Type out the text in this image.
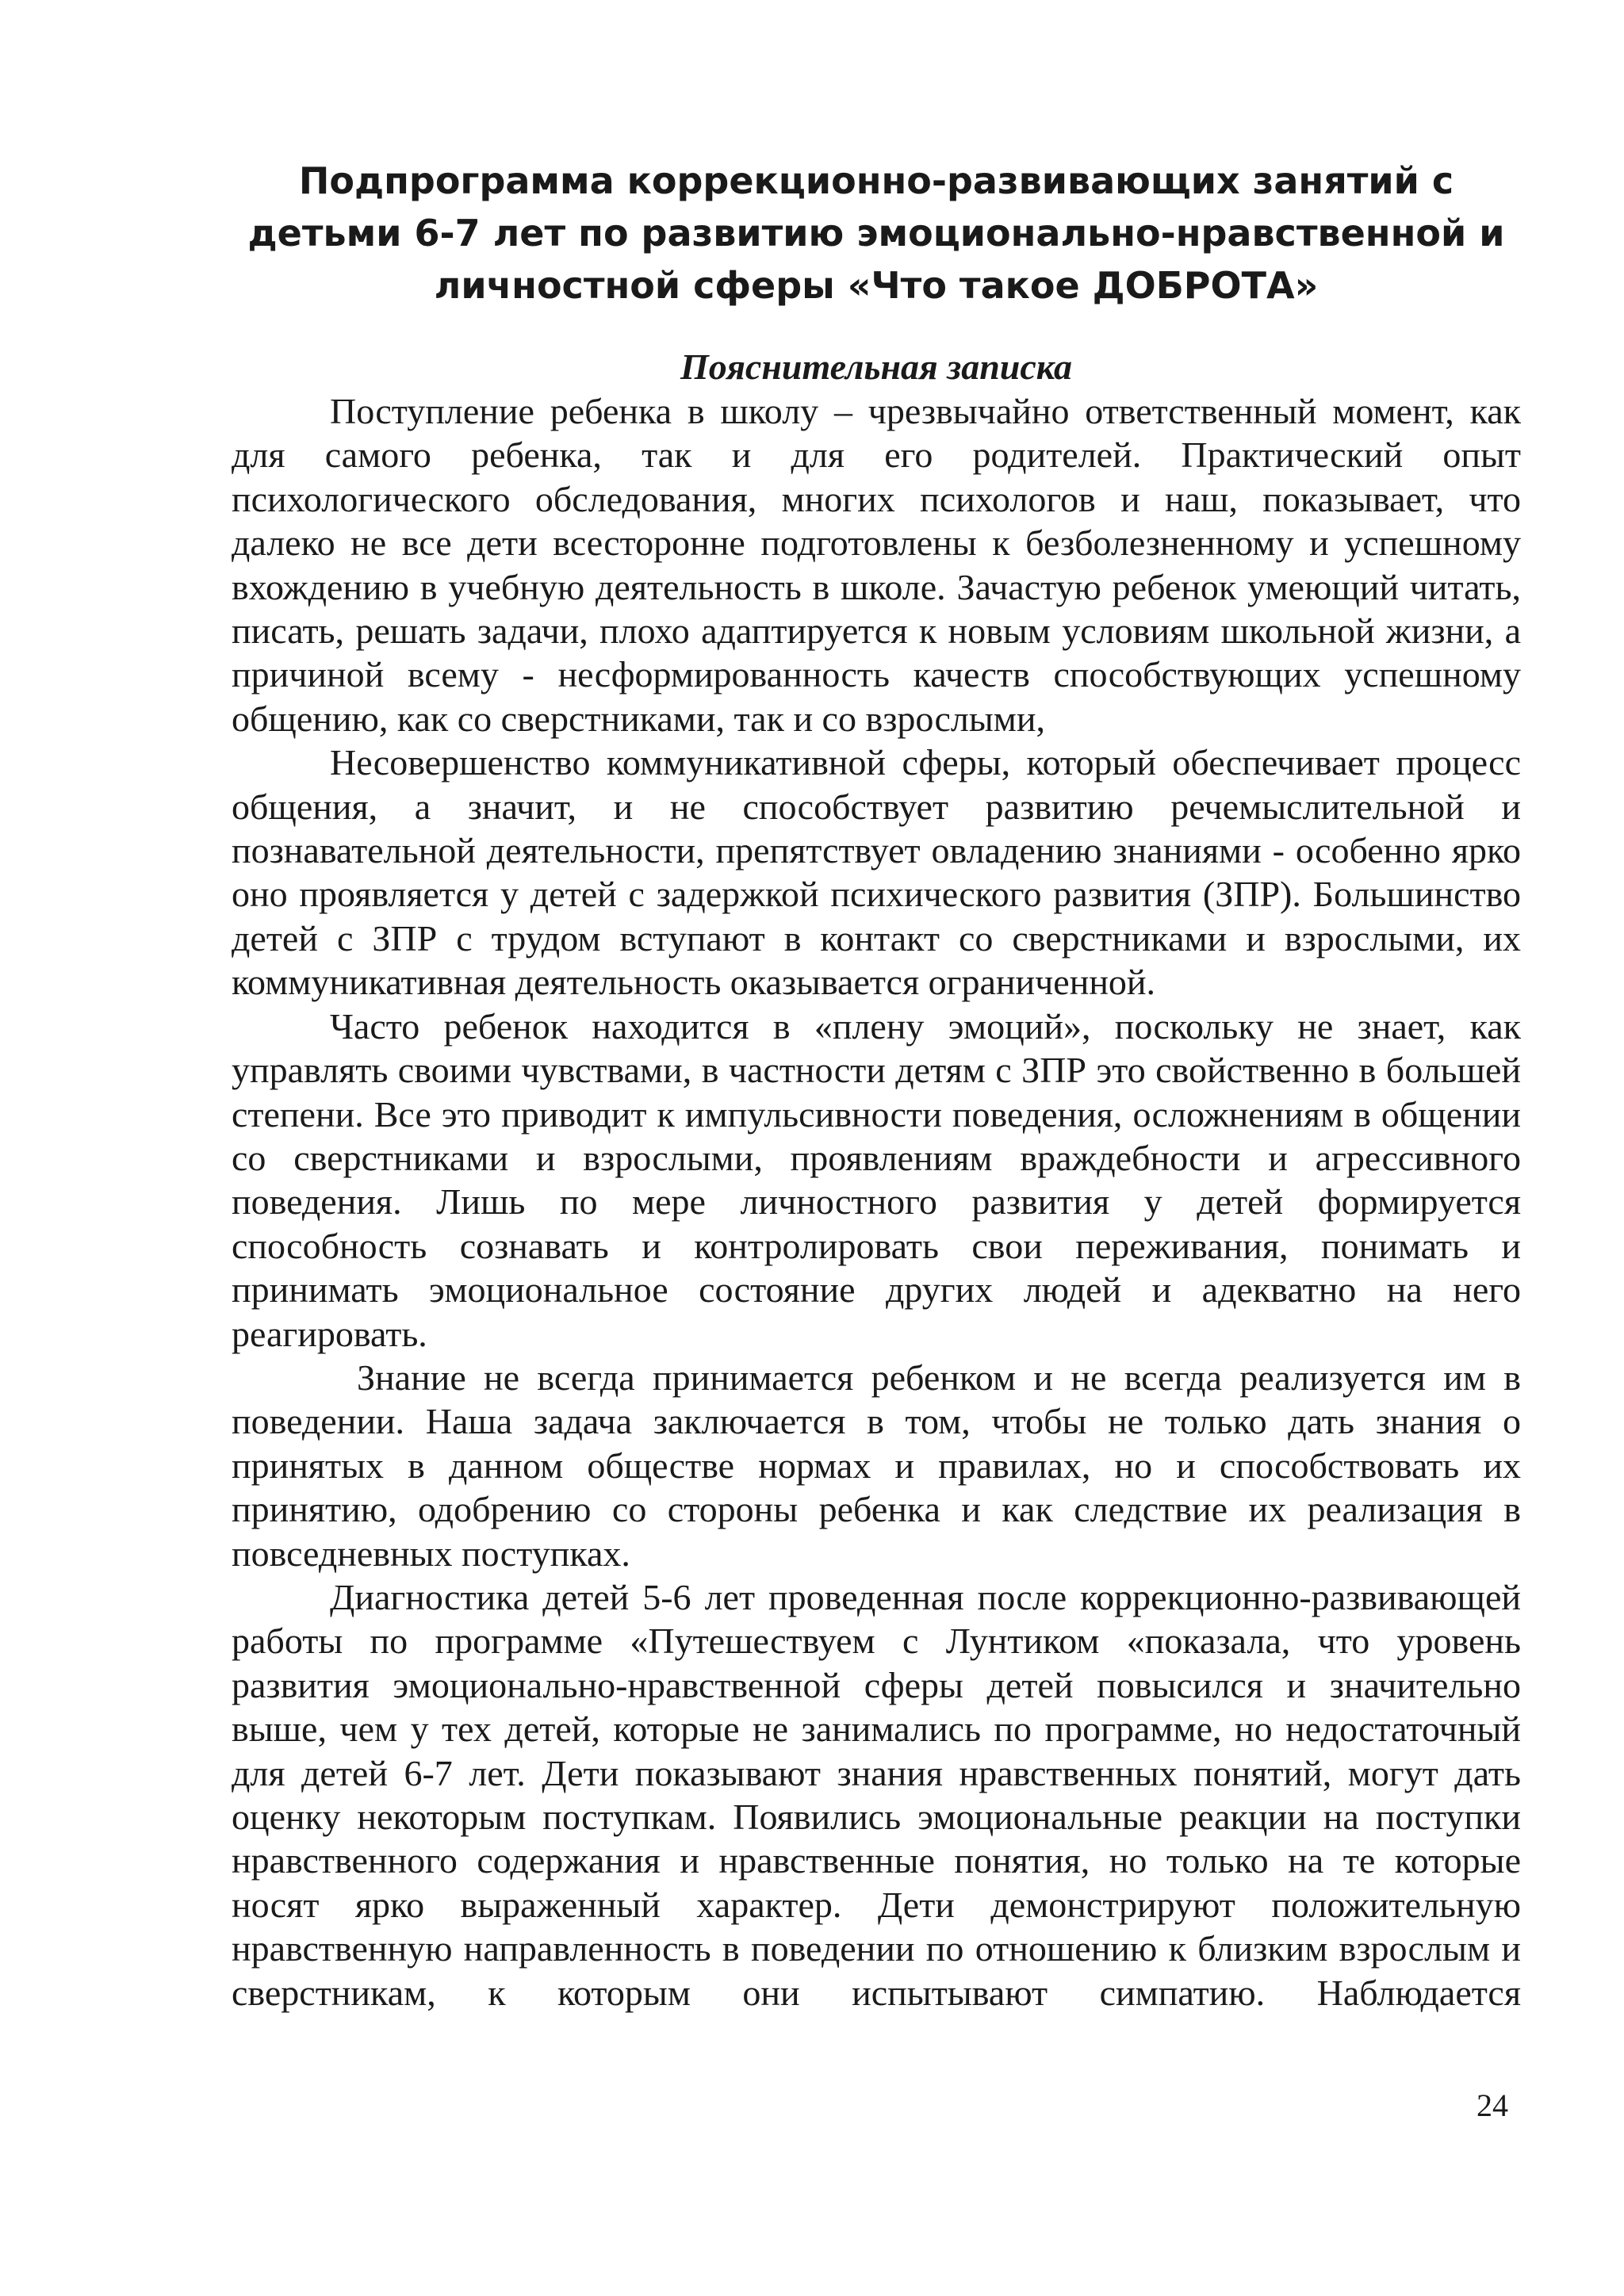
Подпрограмма коррекционно-развивающих занятий с
детьми 6-7 лет по развитию эмоционально-нравственной и
личностной сферы «Что такое ДОБРОТА»
Пояснительная записка

Поступление ребенка в школу – чрезвычайно ответственный момент, как для самого ребенка, так и для его родителей. Практический опыт психологического обследования, многих психологов и наш, показывает, что далеко не все дети всесторонне подготовлены к безболезненному и успешному вхождению в учебную деятельность в школе. Зачастую ребенок умеющий читать, писать, решать задачи, плохо адаптируется к новым условиям школьной жизни, а причиной всему - несформированность качеств способствующих успешному общению, как со сверстниками, так и со взрослыми,

Несовершенство коммуникативной сферы, который обеспечивает процесс общения, а значит, и не способствует развитию речемыслительной и познавательной деятельности, препятствует овладению знаниями - особенно ярко оно проявляется у детей с задержкой психического развития (ЗПР). Большинство детей с ЗПР с трудом вступают в контакт со сверстниками и взрослыми, их коммуникативная деятельность оказывается ограниченной.

Часто ребенок находится в «плену эмоций», поскольку не знает, как управлять своими чувствами, в частности детям с ЗПР это свойственно в большей степени. Все это приводит к импульсивности поведения, осложнениям в общении со сверстниками и взрослыми, проявлениям враждебности и агрессивного поведения. Лишь по мере личностного развития у детей формируется способность сознавать и контролировать свои переживания, понимать и принимать эмоциональное состояние других людей и адекватно на него реагировать.

Знание не всегда принимается ребенком и не всегда реализуется им в поведении. Наша задача заключается в том, чтобы не только дать знания о принятых в данном обществе нормах и правилах, но и способствовать их принятию, одобрению со стороны ребенка и как следствие их реализация в повседневных поступках.

Диагностика детей 5-6 лет проведенная после коррекционно-развивающей работы по программе «Путешествуем с Лунтиком «показала, что уровень развития эмоционально-нравственной сферы детей повысился и значительно выше, чем у тех детей, которые не занимались по программе, но недостаточный для детей 6-7 лет. Дети показывают знания нравственных понятий, могут дать оценку некоторым поступкам. Появились эмоциональные реакции на поступки нравственного содержания и нравственные понятия, но только на те которые носят ярко выраженный характер. Дети демонстрируют положительную нравственную направленность в поведении по отношению к близким взрослым и сверстникам, к которым они испытывают симпатию. Наблюдается

24
